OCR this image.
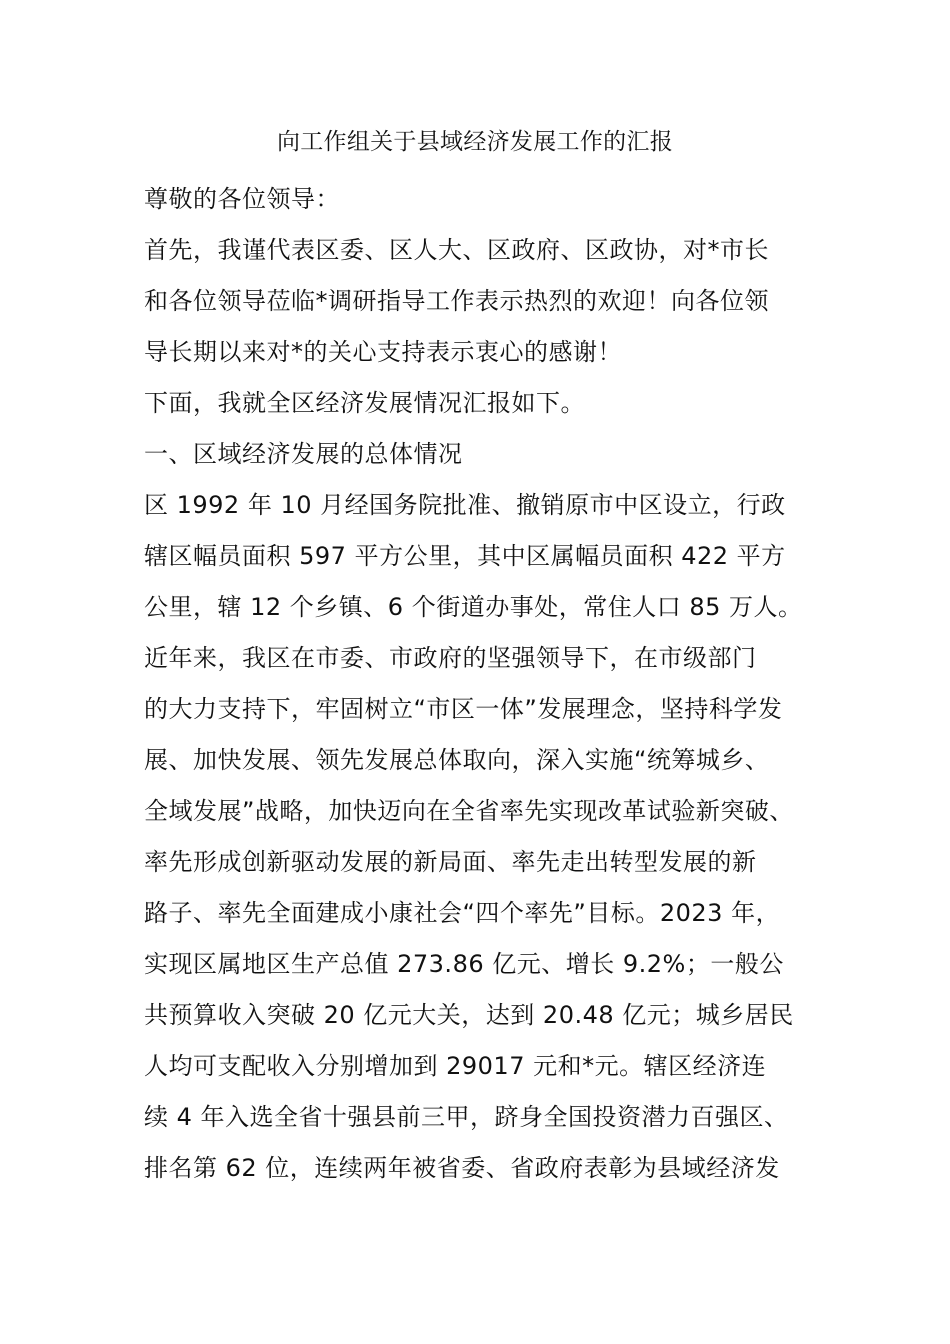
向工作组关于县域经济发展工作的汇报
尊敬的各位领导：
首先，我谨代表区委、区人大、区政府、区政协，对*市长
和各位领导莅临*调研指导工作表示热烈的欢迎！向各位领
导长期以来对*的关心支持表示衷心的感谢！
下面，我就全区经济发展情况汇报如下。
一、区域经济发展的总体情况
区 1992 年 10 月经国务院批准、撤销原市中区设立，行政
辖区幅员面积 597 平方公里，其中区属幅员面积 422 平方
公里，辖 12 个乡镇、6 个街道办事处，常住人口 85 万人。
近年来，我区在市委、市政府的坚强领导下，在市级部门
的大力支持下，牢固树立“市区一体”发展理念，坚持科学发
展、加快发展、领先发展总体取向，深入实施“统筹城乡、
全域发展”战略，加快迈向在全省率先实现改革试验新突破、
率先形成创新驱动发展的新局面、率先走出转型发展的新
路子、率先全面建成小康社会“四个率先”目标。2023 年，
实现区属地区生产总值 273.86 亿元、增长 9.2%；一般公
共预算收入突破 20 亿元大关，达到 20.48 亿元；城乡居民
人均可支配收入分别增加到 29017 元和*元。辖区经济连
续 4 年入选全省十强县前三甲，跻身全国投资潜力百强区、
排名第 62 位，连续两年被省委、省政府表彰为县域经济发
